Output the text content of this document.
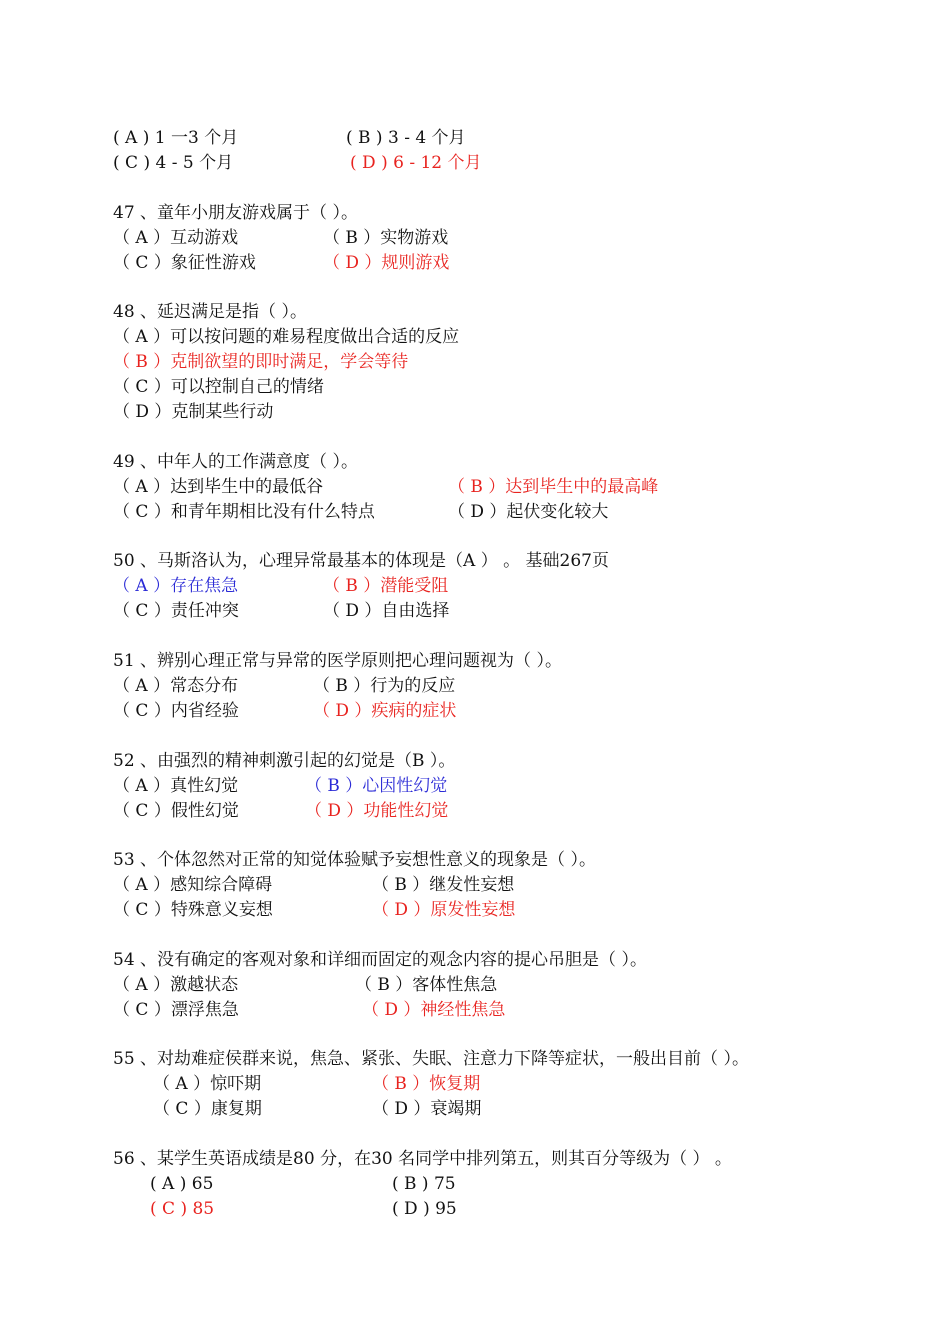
( A ) 1 一3 个月	( B ) 3 - 4 个月
( C ) 4 - 5 个月	( D ) 6 - 12 个月
47 、童年小朋友游戏属于（ ）。
（ A ）互动游戏	（ B ）实物游戏
（ C ）象征性游戏	（ D ）规则游戏
48 、延迟满足是指（ ）。
（ A ）可以按问题的难易程度做出合适的反应
（ B ）克制欲望的即时满足，学会等待
（ C ）可以控制自己的情绪
（ D ）克制某些行动
49 、中年人的工作满意度（ ）。
（ A ）达到毕生中的最低谷	（ B ）达到毕生中的最高峰
（ C ）和青年期相比没有什么特点	（ D ）起伏变化较大
50 、马斯洛认为，心理异常最基本的体现是（A ） 。 基础267页
（ A ）存在焦急	（ B ）潜能受阻
（ C ）责任冲突	（ D ）自由选择
51 、辨别心理正常与异常的医学原则把心理问题视为（ ）。
（ A ）常态分布	（ B ）行为的反应
（ C ）内省经验	（ D ）疾病的症状
52 、由强烈的精神刺激引起的幻觉是（B ）。
（ A ）真性幻觉	（ B ）心因性幻觉
（ C ）假性幻觉	（ D ）功能性幻觉
53 、个体忽然对正常的知觉体验赋予妄想性意义的现象是（ ）。
（ A ）感知综合障碍	（ B ）继发性妄想
（ C ）特殊意义妄想	（ D ）原发性妄想
54 、没有确定的客观对象和详细而固定的观念内容的提心吊胆是（ ）。
（ A ）激越状态	（ B ）客体性焦急
（ C ）漂浮焦急	（ D ）神经性焦急
55 、对劫难症侯群来说，焦急、紧张、失眠、注意力下降等症状，一般出目前（ ）。
（ A ）惊吓期	（ B ）恢复期
（ C ）康复期	（ D ）衰竭期
56 、某学生英语成绩是80 分，在30 名同学中排列第五，则其百分等级为（ ） 。
( A ) 65	( B ) 75
( C ) 85	( D ) 95
